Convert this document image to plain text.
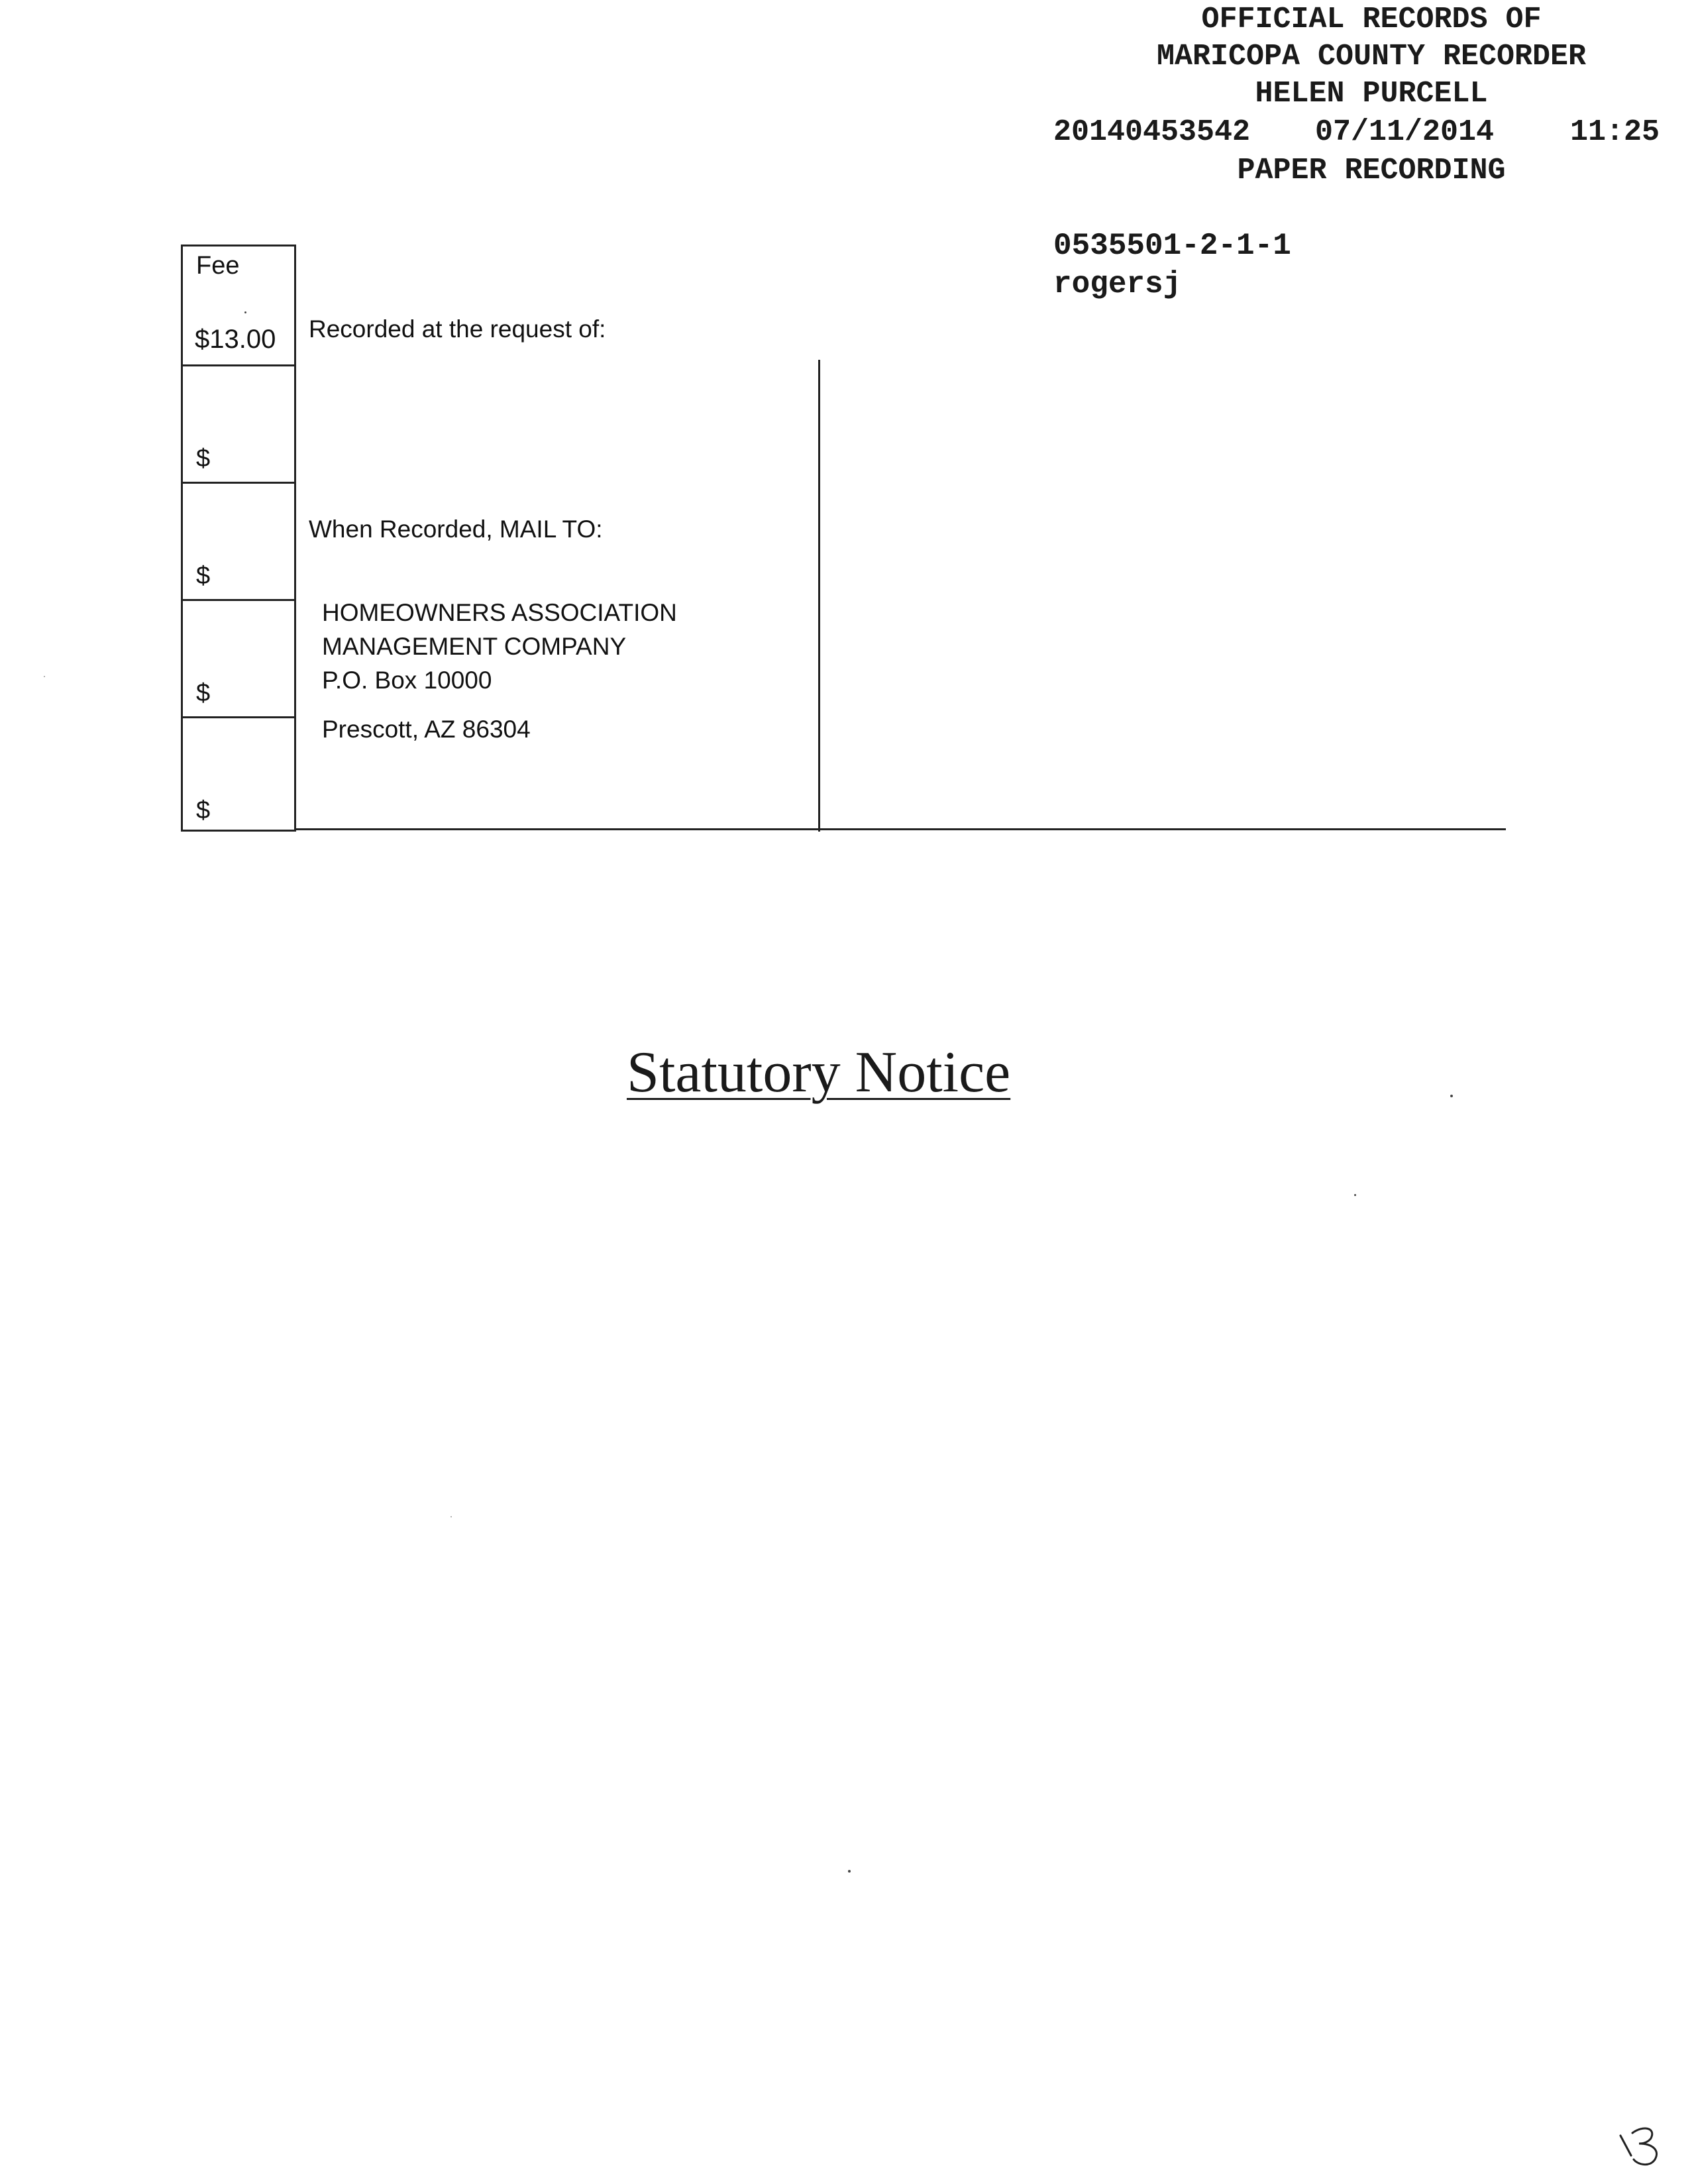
OFFICIAL RECORDS OF
MARICOPA COUNTY RECORDER
HELEN PURCELL
20140453542 07/11/2014	11:25
PAPER RECORDING
0535501-2-1-1
rogersj
Fee
$13.00
$
$
$
$
Recorded at the request of:
When Recorded, MAIL TO:
HOMEOWNERS ASSOCIATION
MANAGEMENT COMPANY
P.O. Box 10000
Prescott, AZ 86304
Statutory Notice
